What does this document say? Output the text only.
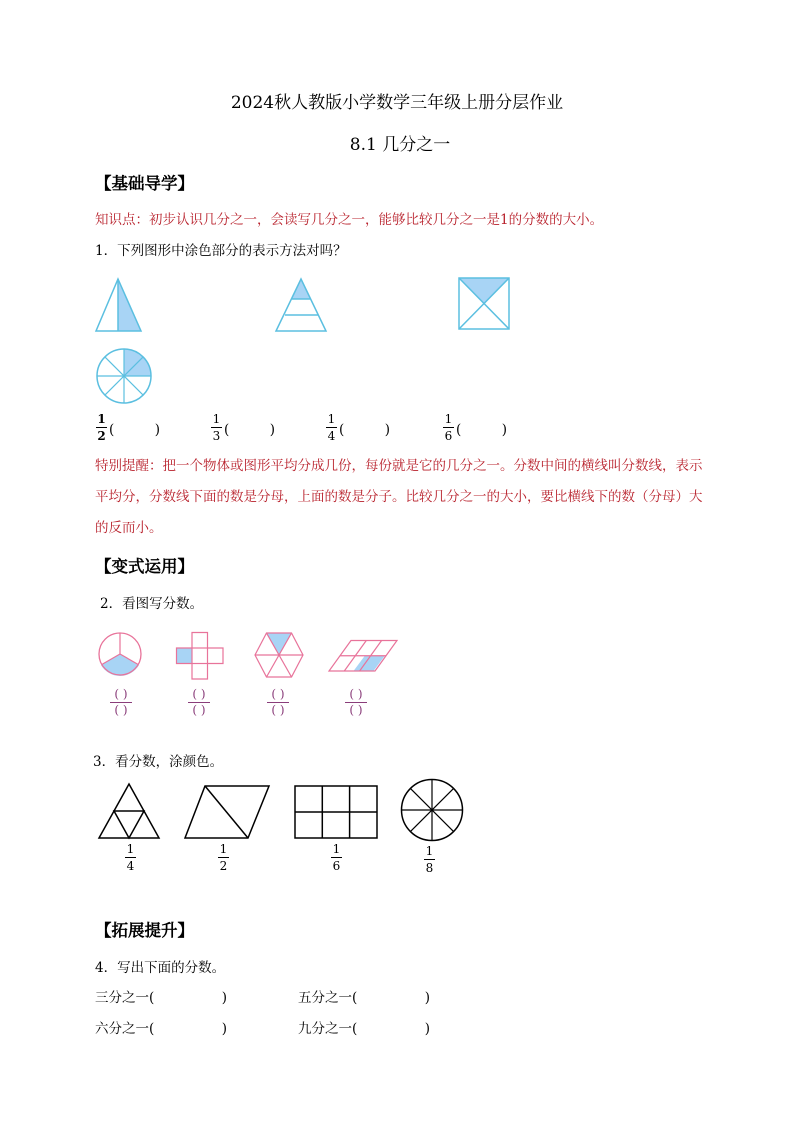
2024秋人教版小学数学三年级上册分层作业
8.1 几分之一
【基础导学】
知识点：初步认识几分之一，会读写几分之一，能够比较几分之一是1的分数的大小。
1．下列图形中涂色部分的表示方法对吗？
$\frac{1}{2}$ (　　　)	$\frac{1}{3}$ (　　　)	$\frac{1}{4}$ (　　　)	$\frac{1}{6}$ (　　　)
特别提醒：把一个物体或图形平均分成几份，每份就是它的几分之一。分数中间的横线叫分数线，表示平均分，分数线下面的数是分母，上面的数是分子。比较几分之一的大小，要比横线下的数（分母）大的反而小。
【变式运用】
2．看图写分数。
( )
( )
( )
( )
( )
( )
( )
( )
3．看分数，涂颜色。
1
4
1
2
1
6
1
8
【拓展提升】
4．写出下面的分数。
三分之一 (　　　　　)	五分之一 (　　　　　)
六分之一 (　　　　　)	九分之一 (　　　　　)
